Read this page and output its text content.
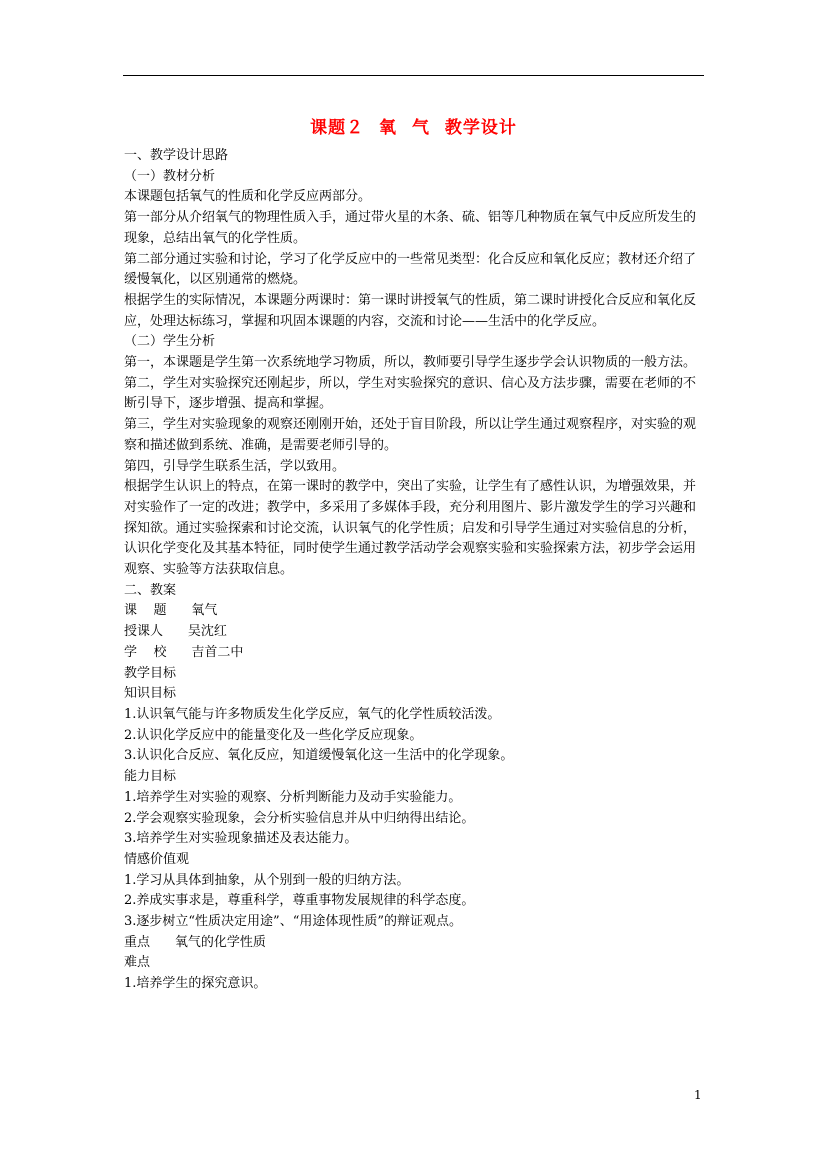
课题２ 氧 气 教学设计

一、教学设计思路

（一）教材分析

本课题包括氧气的性质和化学反应两部分。

第一部分从介绍氧气的物理性质入手，通过带火星的木条、硫、铝等几种物质在氧气中反应所发生的现象，总结出氧气的化学性质。

第二部分通过实验和讨论，学习了化学反应中的一些常见类型：化合反应和氧化反应；教材还介绍了缓慢氧化，以区别通常的燃烧。

根据学生的实际情况，本课题分两课时：第一课时讲授氧气的性质，第二课时讲授化合反应和氧化反应，处理达标练习，掌握和巩固本课题的内容，交流和讨论——生活中的化学反应。

（二）学生分析

第一，本课题是学生第一次系统地学习物质，所以，教师要引导学生逐步学会认识物质的一般方法。

第二，学生对实验探究还刚起步，所以，学生对实验探究的意识、信心及方法步骤，需要在老师的不断引导下，逐步增强、提高和掌握。

第三，学生对实验现象的观察还刚刚开始，还处于盲目阶段，所以让学生通过观察程序，对实验的观察和描述做到系统、准确，是需要老师引导的。

第四，引导学生联系生活，学以致用。

根据学生认识上的特点，在第一课时的教学中，突出了实验，让学生有了感性认识，为增强效果，并对实验作了一定的改进；教学中，多采用了多媒体手段，充分利用图片、影片激发学生的学习兴趣和探知欲。通过实验探索和讨论交流，认识氧气的化学性质；启发和引导学生通过对实验信息的分析，认识化学变化及其基本特征，同时使学生通过教学活动学会观察实验和实验探索方法，初步学会运用观察、实验等方法获取信息。

二、教案

课    题 氧气

授课人 吴沈红

学    校 吉首二中

教学目标

知识目标

1.认识氧气能与许多物质发生化学反应，氧气的化学性质较活泼。

2.认识化学反应中的能量变化及一些化学反应现象。

3.认识化合反应、氧化反应，知道缓慢氧化这一生活中的化学现象。

能力目标

1.培养学生对实验的观察、分析判断能力及动手实验能力。

2.学会观察实验现象，会分析实验信息并从中归纳得出结论。

3.培养学生对实验现象描述及表达能力。

情感价值观

1.学习从具体到抽象，从个别到一般的归纳方法。

2.养成实事求是，尊重科学，尊重事物发展规律的科学态度。

3.逐步树立“性质决定用途”、“用途体现性质”的辩证观点。

重点 氧气的化学性质

难点

1.培养学生的探究意识。

1
